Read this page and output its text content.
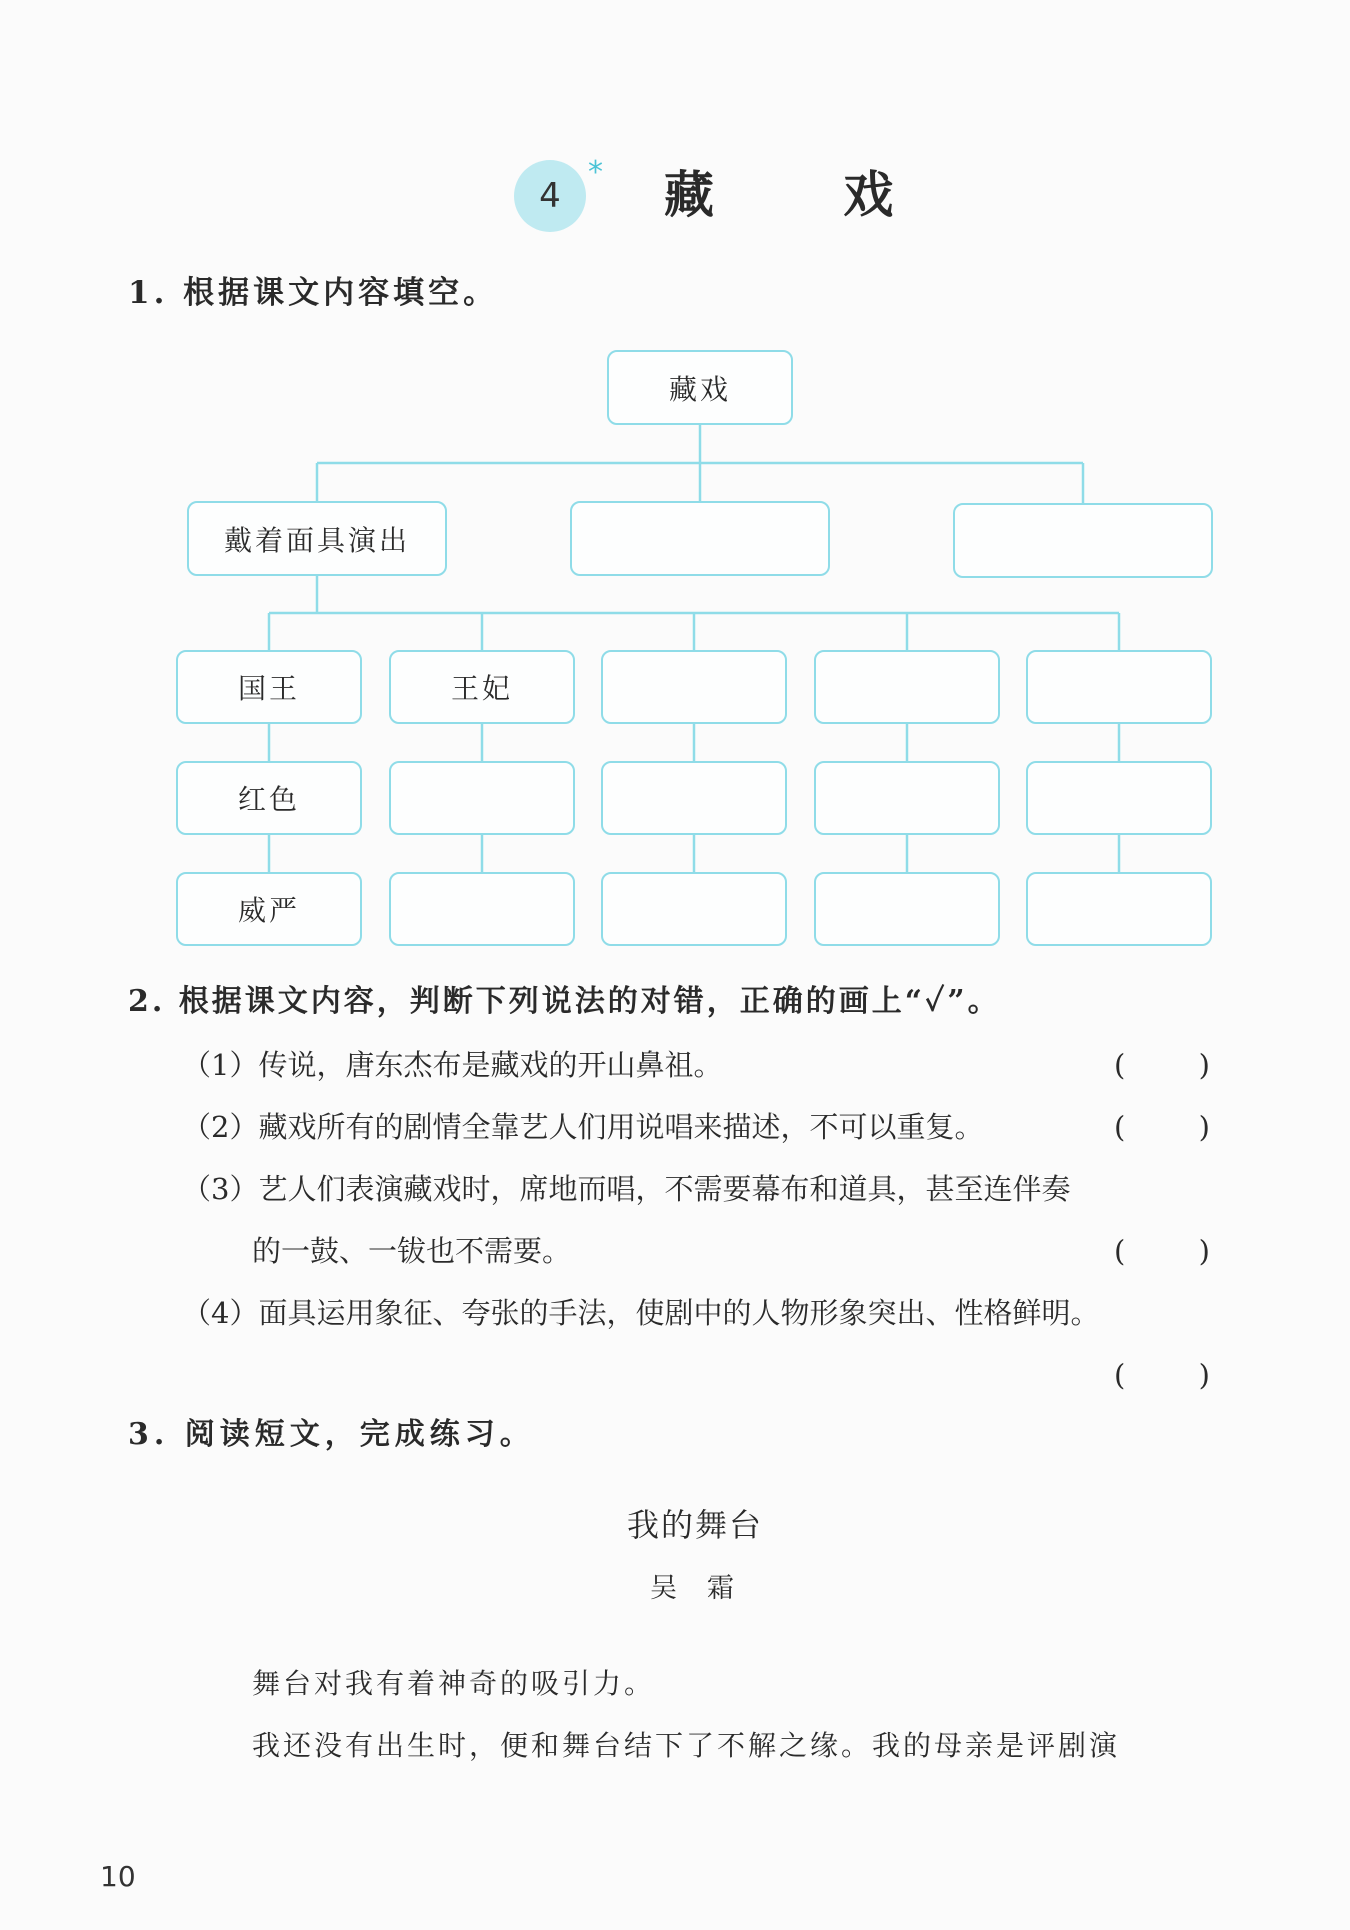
4
* 藏 戏
1. 根据课文内容填空。
藏戏
戴着面具演出
国王	王妃
红色
威严
2. 根据课文内容，判断下列说法的对错，正确的画上“✓”。
（1）传说，唐东杰布是藏戏的开山鼻祖。	(	)
（2）藏戏所有的剧情全靠艺人们用说唱来描述，不可以重复。	(	)
（3）艺人们表演藏戏时，席地而唱，不需要幕布和道具，甚至连伴奏
的一鼓、一钹也不需要。	(	)
（4）面具运用象征、夸张的手法，使剧中的人物形象突出、性格鲜明。
(	)
3. 阅读短文，完成练习。
我的舞台
吴霜
舞台对我有着神奇的吸引力。
我还没有出生时，便和舞台结下了不解之缘。我的母亲是评剧演
10
